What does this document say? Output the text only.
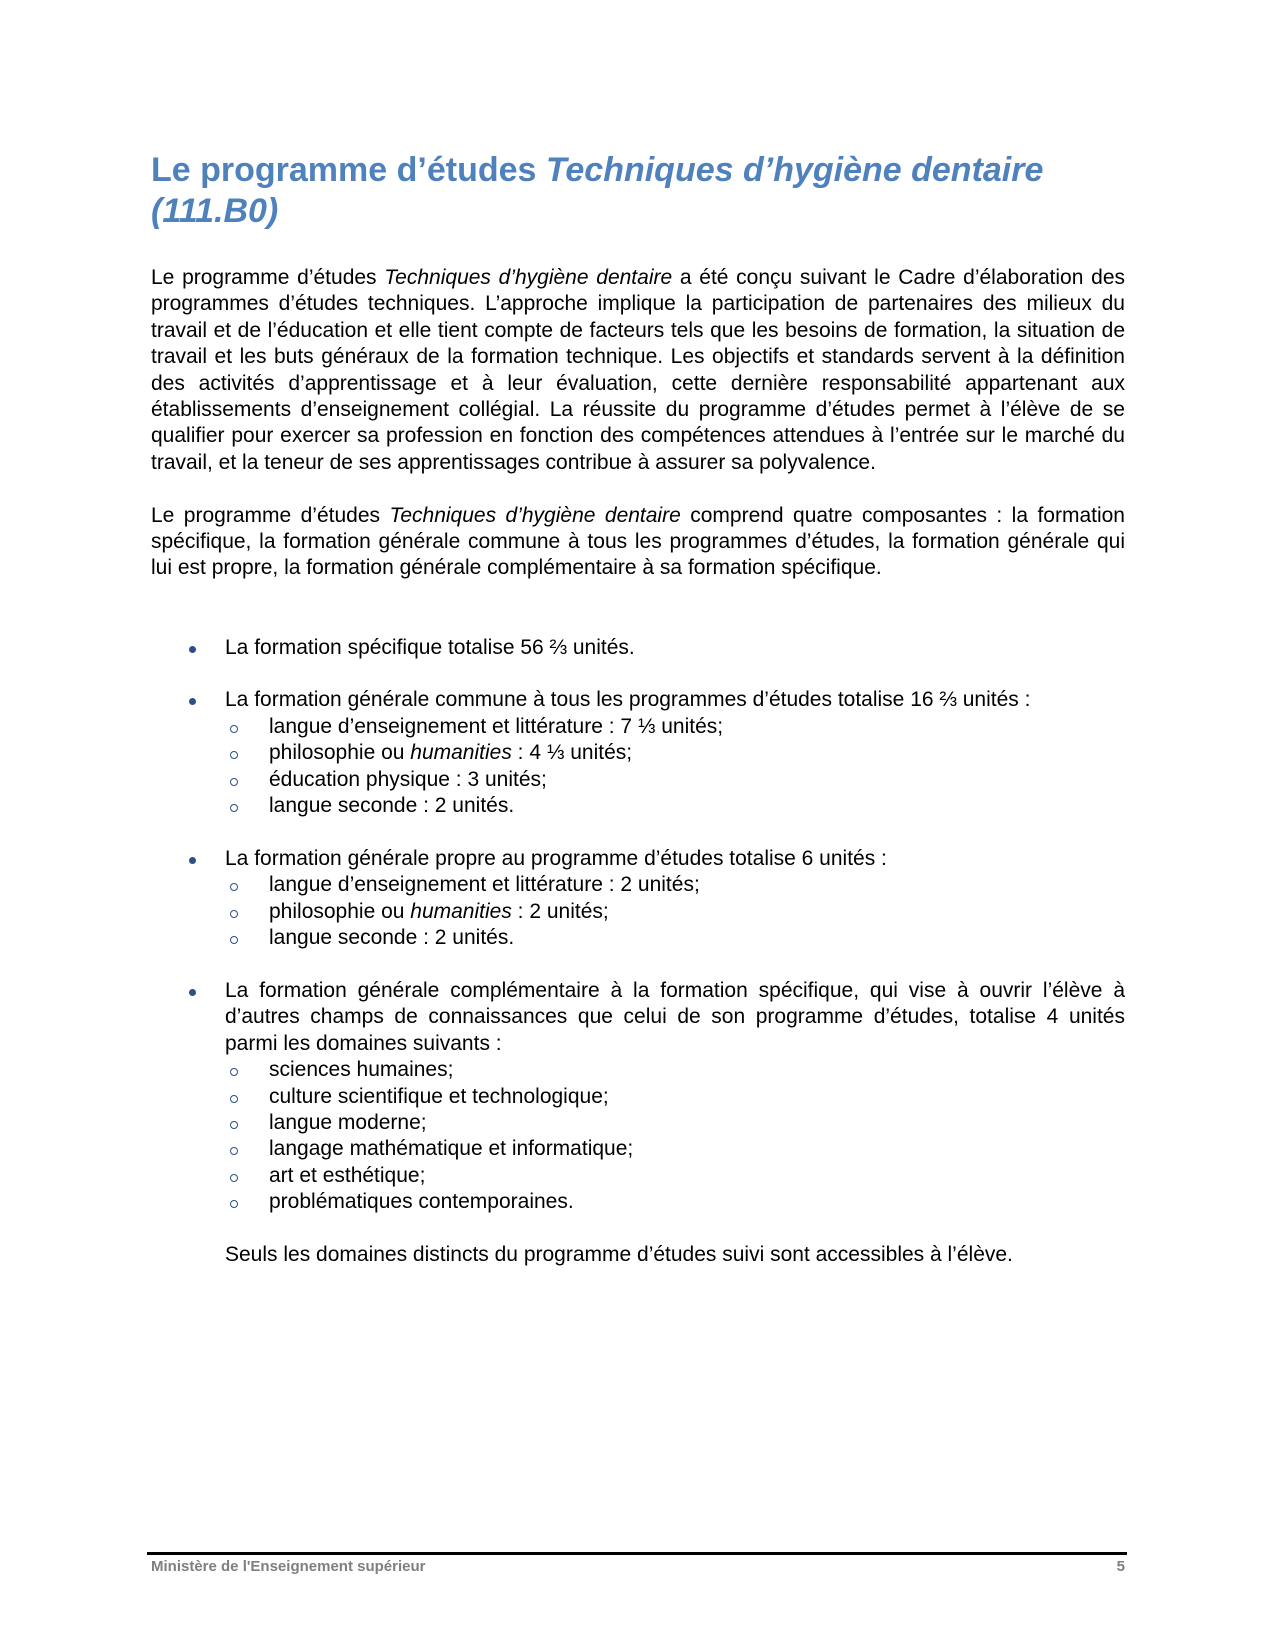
Le programme d’études Techniques d’hygiène dentaire (111.B0)

Le programme d’études Techniques d’hygiène dentaire a été conçu suivant le Cadre d’élaboration des programmes d’études techniques. L’approche implique la participation de partenaires des milieux du travail et de l’éducation et elle tient compte de facteurs tels que les besoins de formation, la situation de travail et les buts généraux de la formation technique. Les objectifs et standards servent à la définition des activités d’apprentissage et à leur évaluation, cette dernière responsabilité appartenant aux établissements d’enseignement collégial. La réussite du programme d’études permet à l’élève de se qualifier pour exercer sa profession en fonction des compétences attendues à l’entrée sur le marché du travail, et la teneur de ses apprentissages contribue à assurer sa polyvalence.

Le programme d’études Techniques d’hygiène dentaire comprend quatre composantes : la formation spécifique, la formation générale commune à tous les programmes d’études, la formation générale qui lui est propre, la formation générale complémentaire à sa formation spécifique.

La formation spécifique totalise 56 ⅔ unités.
La formation générale commune à tous les programmes d’études totalise 16 ⅔ unités :
langue d’enseignement et littérature : 7 ⅓ unités;
philosophie ou humanities : 4 ⅓ unités;
éducation physique : 3 unités;
langue seconde : 2 unités.
La formation générale propre au programme d’études totalise 6 unités :
langue d’enseignement et littérature : 2 unités;
philosophie ou humanities : 2 unités;
langue seconde : 2 unités.
La formation générale complémentaire à la formation spécifique, qui vise à ouvrir l’élève à d’autres champs de connaissances que celui de son programme d’études, totalise 4 unités parmi les domaines suivants :
sciences humaines;
culture scientifique et technologique;
langue moderne;
langage mathématique et informatique;
art et esthétique;
problématiques contemporaines.

Seuls les domaines distincts du programme d’études suivi sont accessibles à l’élève.

Ministère de l'Enseignement supérieur	5
